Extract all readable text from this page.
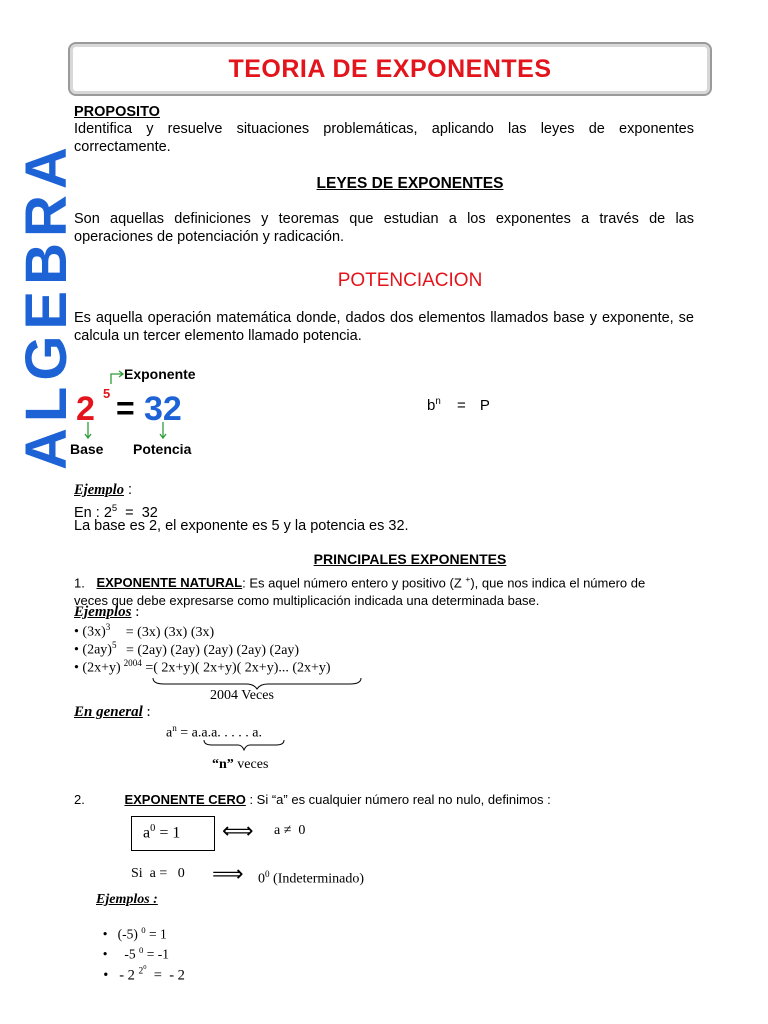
TEORIA DE EXPONENTES
ALGEBRA
PROPOSITO
Identifica y resuelve situaciones problemáticas, aplicando las leyes de exponentes correctamente.
LEYES DE EXPONENTES
Son aquellas definiciones y teoremas que estudian a los exponentes a través de las operaciones de potenciación y radicación.
POTENCIACION
Es aquella operación matemática donde, dados dos elementos llamados base y exponente, se calcula un tercer elemento llamado potencia.
Exponente
2 5 = 32
Base Potencia
$b^n = P$
Ejemplo :
En : $2^5 = 32$
La base es 2, el exponente es 5 y la potencia es 32.
PRINCIPALES EXPONENTES
1. EXPONENTE NATURAL: Es aquel número entero y positivo (Z +), que nos indica el número de
veces que debe expresarse como multiplicación indicada una determinada base.
Ejemplos :
• $(3x)^3 = (3x)$ (3x) (3x)
• $(2ay)^5 = (2ay)$ (2ay) (2ay) (2ay) (2ay)
• (2x+y) $^{2004}$ =( 2x+y)( 2x+y)( 2x+y)... (2x+y)
2004 Veces
En general :
$a^n = a.a.a$. . . . . a.
“n” veces
2.	EXPONENTE CERO : Si “a” es cualquier número real no nulo, definimos :
$a^0 = 1$ ⟺ a ≠  0
Si  a =   0 ⟹ $0^0$ (Indeterminado)
Ejemplos :

• (-5) $^0$ = 1

•     -5 $^0$ = -1

• - 2 $^{20}$  =  - 2
